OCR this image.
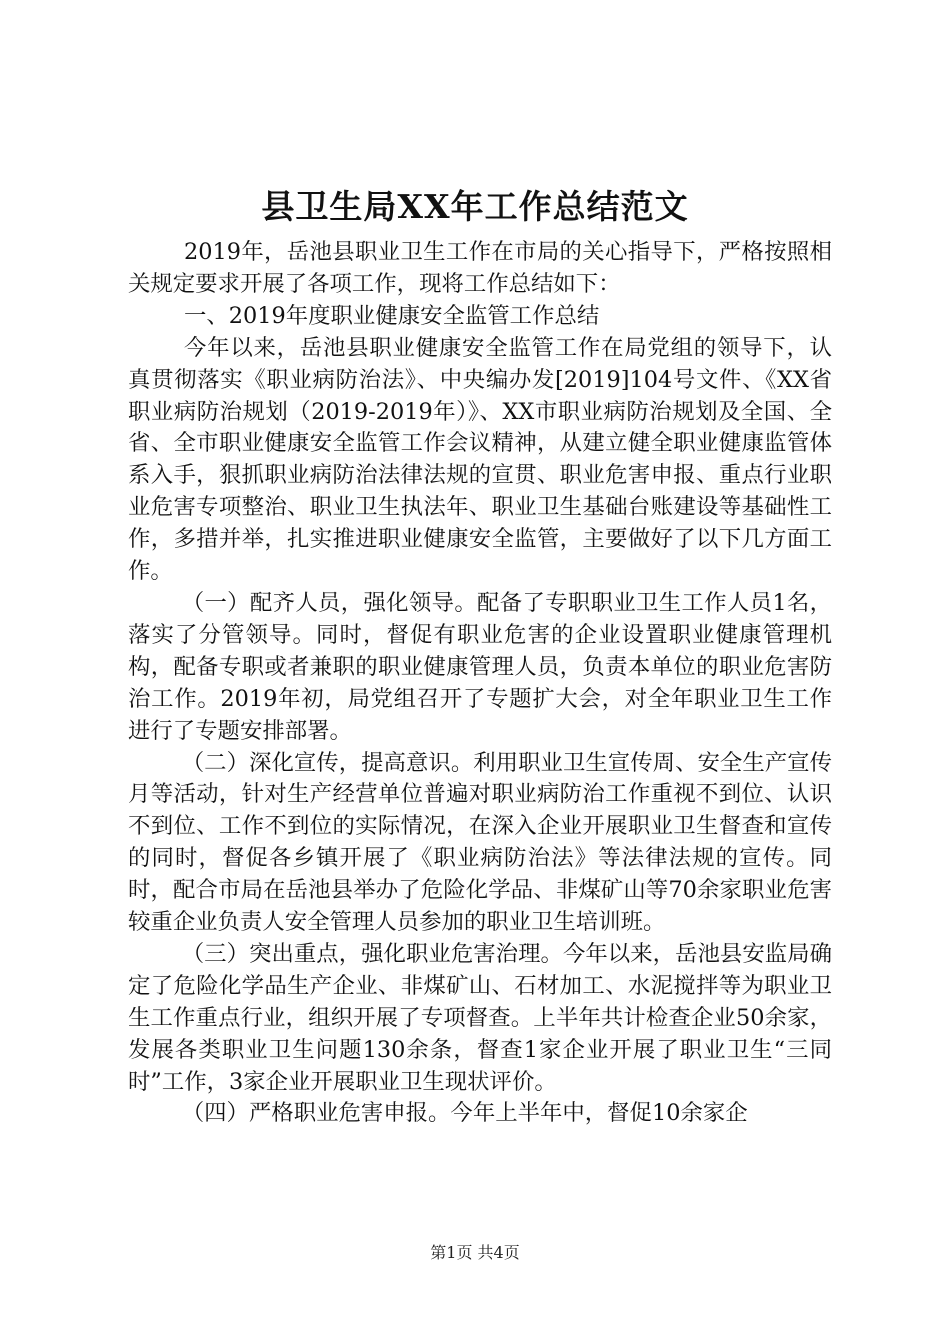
县卫生局XX年工作总结范文

2019年，岳池县职业卫生工作在市局的关心指导下，严格按照相关规定要求开展了各项工作，现将工作总结如下：

一、2019年度职业健康安全监管工作总结

今年以来，岳池县职业健康安全监管工作在局党组的领导下，认真贯彻落实《职业病防治法》、中央编办发[2019]104号文件、《XX省职业病防治规划（2019-2019年）》、XX市职业病防治规划及全国、全省、全市职业健康安全监管工作会议精神，从建立健全职业健康监管体系入手，狠抓职业病防治法律法规的宣贯、职业危害申报、重点行业职业危害专项整治、职业卫生执法年、职业卫生基础台账建设等基础性工作，多措并举，扎实推进职业健康安全监管，主要做好了以下几方面工作。

（一）配齐人员，强化领导。配备了专职职业卫生工作人员1名，落实了分管领导。同时，督促有职业危害的企业设置职业健康管理机构，配备专职或者兼职的职业健康管理人员，负责本单位的职业危害防治工作。2019年初，局党组召开了专题扩大会，对全年职业卫生工作进行了专题安排部署。

（二）深化宣传，提高意识。利用职业卫生宣传周、安全生产宣传月等活动，针对生产经营单位普遍对职业病防治工作重视不到位、认识不到位、工作不到位的实际情况，在深入企业开展职业卫生督查和宣传的同时，督促各乡镇开展了《职业病防治法》等法律法规的宣传。同时，配合市局在岳池县举办了危险化学品、非煤矿山等70余家职业危害较重企业负责人安全管理人员参加的职业卫生培训班。

（三）突出重点，强化职业危害治理。今年以来，岳池县安监局确定了危险化学品生产企业、非煤矿山、石材加工、水泥搅拌等为职业卫生工作重点行业，组织开展了专项督查。上半年共计检查企业50余家，发展各类职业卫生问题130余条，督查1家企业开展了职业卫生“三同时”工作，3家企业开展职业卫生现状评价。

（四）严格职业危害申报。今年上半年中，督促10余家企

第1页 共4页
